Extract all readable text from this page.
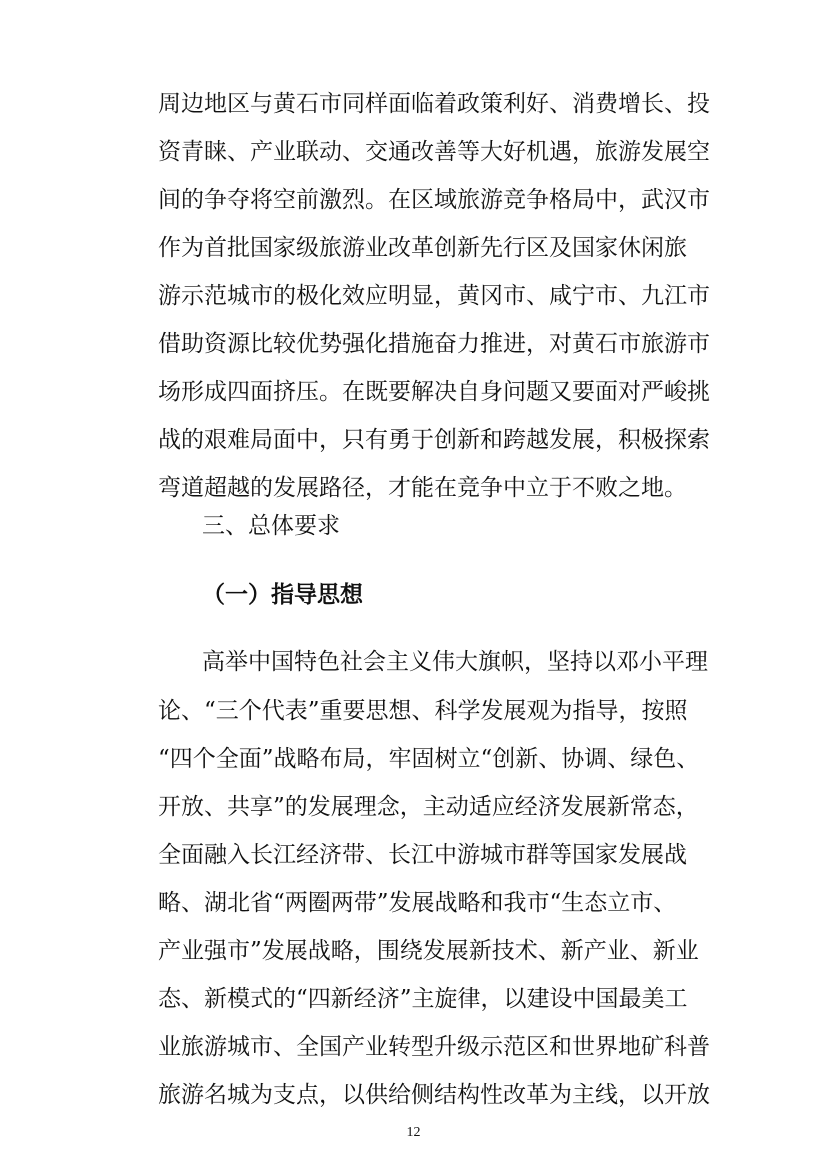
周边地区与黄石市同样面临着政策利好、消费增长、投
资青睐、产业联动、交通改善等大好机遇，旅游发展空
间的争夺将空前激烈。在区域旅游竞争格局中，武汉市
作为首批国家级旅游业改革创新先行区及国家休闲旅
游示范城市的极化效应明显，黄冈市、咸宁市、九江市
借助资源比较优势强化措施奋力推进，对黄石市旅游市
场形成四面挤压。在既要解决自身问题又要面对严峻挑
战的艰难局面中，只有勇于创新和跨越发展，积极探索
弯道超越的发展路径，才能在竞争中立于不败之地。
三、总体要求
（一）指导思想
高举中国特色社会主义伟大旗帜，坚持以邓小平理
论、“三个代表”重要思想、科学发展观为指导，按照
“四个全面”战略布局，牢固树立“创新、协调、绿色、
开放、共享”的发展理念，主动适应经济发展新常态，
全面融入长江经济带、长江中游城市群等国家发展战
略、湖北省“两圈两带”发展战略和我市“生态立市、
产业强市”发展战略，围绕发展新技术、新产业、新业
态、新模式的“四新经济”主旋律，以建设中国最美工
业旅游城市、全国产业转型升级示范区和世界地矿科普
12
旅游名城为支点，以供给侧结构性改革为主线，以开放
